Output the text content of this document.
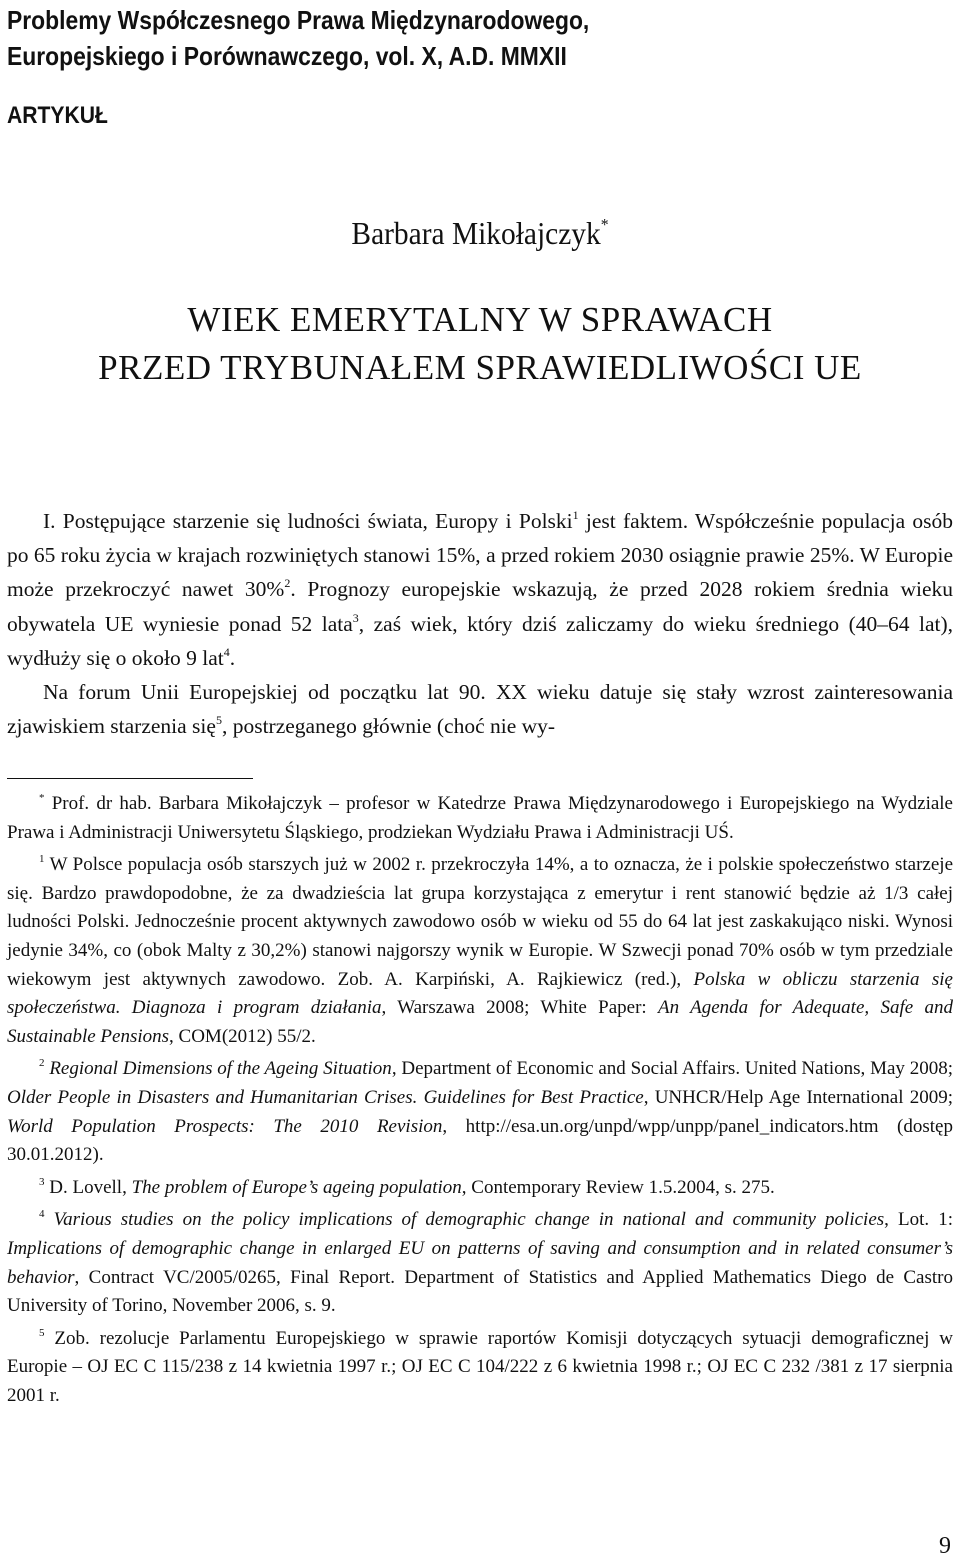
Problemy Współczesnego Prawa Międzynarodowego,
Europejskiego i Porównawczego, vol. X, A.D. MMXII
ARTYKUŁ
Barbara Mikołajczyk*
WIEK EMERYTALNY W SPRAWACH
PRZED TRYBUNAŁEM SPRAWIEDLIWOŚCI UE

I. Postępujące starzenie się ludności świata, Europy i Polski$^1$ jest faktem. Współcześnie populacja osób po 65 roku życia w krajach rozwiniętych stanowi 15%, a przed rokiem 2030 osiągnie prawie 25%. W Europie może przekroczyć nawet 30%$^2$. Prognozy europejskie wskazują, że przed 2028 rokiem średnia wieku obywatela UE wyniesie ponad 52 lata$^3$, zaś wiek, który dziś zaliczamy do wieku średniego (40–64 lat), wydłuży się o około 9 lat$^4$.

Na forum Unii Europejskiej od początku lat 90. XX wieku datuje się stały wzrost zainteresowania zjawiskiem starzenia się$^5$, postrzeganego głównie (choć nie wy-

* Prof. dr hab. Barbara Mikołajczyk – profesor w Katedrze Prawa Międzynarodowego i Europejskiego na Wydziale Prawa i Administracji Uniwersytetu Śląskiego, prodziekan Wydziału Prawa i Administracji UŚ.

$^1$ W Polsce populacja osób starszych już w 2002 r. przekroczyła 14%, a to oznacza, że i polskie społeczeństwo starzeje się. Bardzo prawdopodobne, że za dwadzieścia lat grupa korzystająca z emerytur i rent stanowić będzie aż 1/3 całej ludności Polski. Jednocześnie procent aktywnych zawodowo osób w wieku od 55 do 64 lat jest zaskakująco niski. Wynosi jedynie 34%, co (obok Malty z 30,2%) stanowi najgorszy wynik w Europie. W Szwecji ponad 70% osób w tym przedziale wiekowym jest aktywnych zawodowo. Zob. A. Karpiński, A. Rajkiewicz (red.), Polska w obliczu starzenia się społeczeństwa. Diagnoza i program działania, Warszawa 2008; White Paper: An Agenda for Adequate, Safe and Sustainable Pensions, COM(2012) 55/2.

$^2$ Regional Dimensions of the Ageing Situation, Department of Economic and Social Affairs. United Nations, May 2008; Older People in Disasters and Humanitarian Crises. Guidelines for Best Practice, UNHCR/Help Age International 2009; World Population Prospects: The 2010 Revision, http://esa.un.org/unpd/wpp/unpp/panel_indicators.htm (dostęp 30.01.2012).

$^3$ D. Lovell, The problem of Europe’s ageing population, Contemporary Review 1.5.2004, s. 275.

$^4$ Various studies on the policy implications of demographic change in national and community policies, Lot. 1: Implications of demographic change in enlarged EU on patterns of saving and consumption and in related consumer’s behavior, Contract VC/2005/0265, Final Report. Department of Statistics and Applied Mathematics Diego de Castro University of Torino, November 2006, s. 9.

$^5$ Zob. rezolucje Parlamentu Europejskiego w sprawie raportów Komisji dotyczących sytuacji demograficznej w Europie – OJ EC C 115/238 z 14 kwietnia 1997 r.; OJ EC C 104/222 z 6 kwietnia 1998 r.; OJ EC C 232 /381 z 17 sierpnia 2001 r.

9
